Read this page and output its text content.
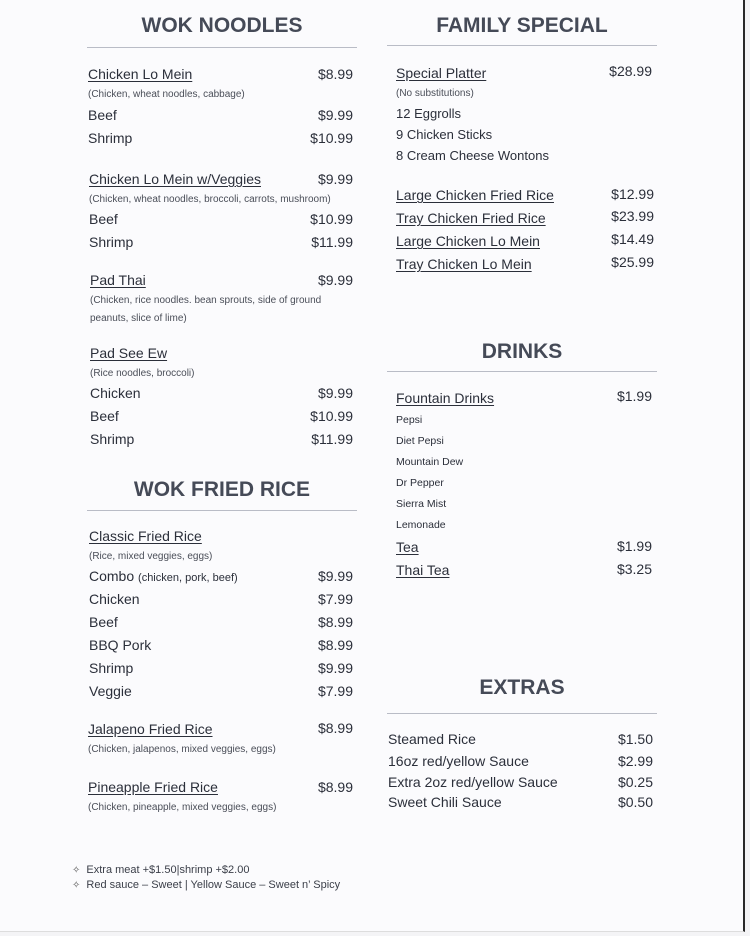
WOK NOODLES
Chicken Lo Mein	$8.99
(Chicken, wheat noodles, cabbage)
Beef	$9.99
Shrimp	$10.99
Chicken Lo Mein w/Veggies	$9.99
(Chicken, wheat noodles, broccoli, carrots, mushroom)
Beef	$10.99
Shrimp	$11.99
Pad Thai	$9.99
(Chicken, rice noodles. bean sprouts, side of ground
peanuts, slice of lime)
Pad See Ew
(Rice noodles, broccoli)
Chicken	$9.99
Beef	$10.99
Shrimp	$11.99
WOK FRIED RICE
Classic Fried Rice
(Rice, mixed veggies, eggs)
Combo (chicken, pork, beef)	$9.99
Chicken	$7.99
Beef	$8.99
BBQ Pork	$8.99
Shrimp	$9.99
Veggie	$7.99
Jalapeno Fried Rice	$8.99
(Chicken, jalapenos, mixed veggies, eggs)
Pineapple Fried Rice	$8.99
(Chicken, pineapple, mixed veggies, eggs)
✧ Extra meat +$1.50|shrimp +$2.00
✧ Red sauce – Sweet | Yellow Sauce – Sweet n’ Spicy
FAMILY SPECIAL
Special Platter	$28.99
(No substitutions)
12 Eggrolls
9 Chicken Sticks
8 Cream Cheese Wontons
Large Chicken Fried Rice	$12.99
Tray Chicken Fried Rice	$23.99
Large Chicken Lo Mein	$14.49
Tray Chicken Lo Mein	$25.99
DRINKS
Fountain Drinks	$1.99
Pepsi
Diet Pepsi
Mountain Dew
Dr Pepper
Sierra Mist
Lemonade
Tea	$1.99
Thai Tea	$3.25
EXTRAS
Steamed Rice	$1.50
16oz red/yellow Sauce	$2.99
Extra 2oz red/yellow Sauce	$0.25
Sweet Chili Sauce	$0.50
